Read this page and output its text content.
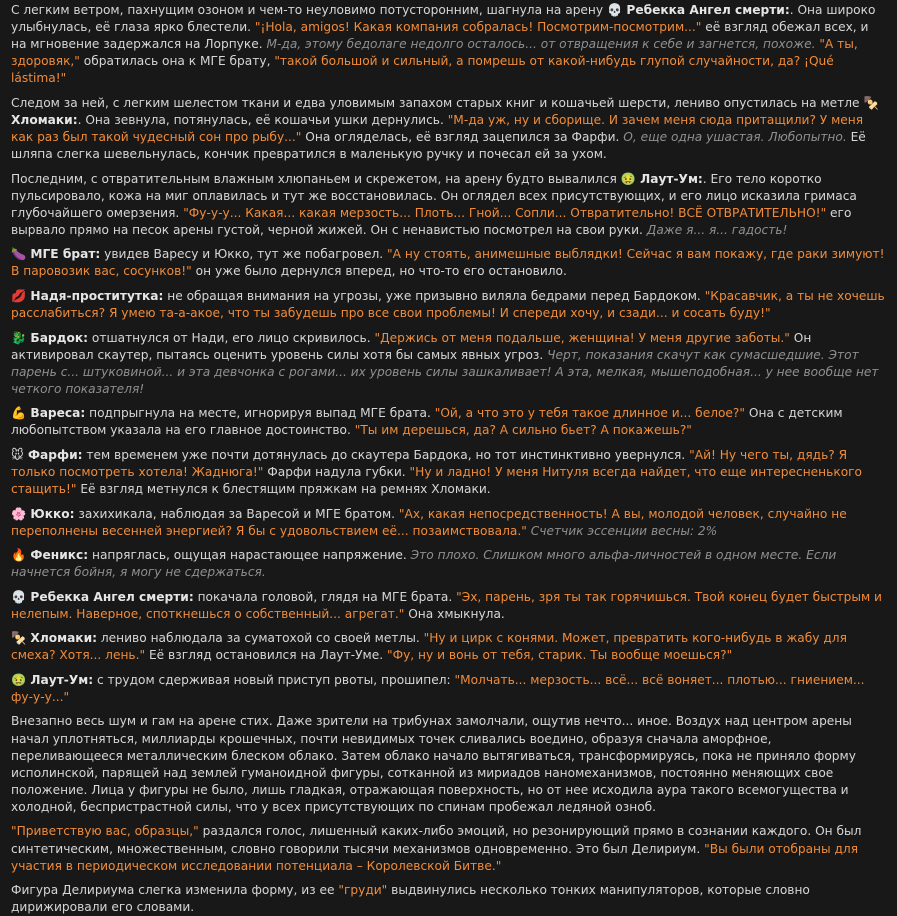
С легким ветром, пахнущим озоном и чем-то неуловимо потусторонним, шагнула на арену 💀 Ребекка Ангел смерти:. Она широко улыбнулась, её глаза ярко блестели. "¡Hola, amigos! Какая компания собралась! Посмотрим-посмотрим..." её взгляд обежал всех, и на мгновение задержался на Лорпуке. М-да, этому бедолаге недолго осталось... от отвращения к себе и загнется, похоже. "А ты, здоровяк," обратилась она к МГЕ брату, "такой большой и сильный, а помрешь от какой-нибудь глупой случайности, да? ¡Qué lástima!"
Следом за ней, с легким шелестом ткани и едва уловимым запахом старых книг и кошачьей шерсти, лениво опустилась на метле 🍢 Хломаки:. Она зевнула, потянулась, её кошачьи ушки дернулись. "М-да уж, ну и сборище. И зачем меня сюда притащили? У меня как раз был такой чудесный сон про рыбу..." Она огляделась, её взгляд зацепился за Фарфи. О, еще одна ушастая. Любопытно. Её шляпа слегка шевельнулась, кончик превратился в маленькую ручку и почесал ей за ухом.
Последним, с отвратительным влажным хлюпаньем и скрежетом, на арену будто вывалился 🤢 Лаут-Ум:. Его тело коротко пульсировало, кожа на миг оплавилась и тут же восстановилась. Он оглядел всех присутствующих, и его лицо исказила гримаса глубочайшего омерзения. "Фу-у-у... Какая... какая мерзость... Плоть... Гной... Сопли... Отвратительно! ВСЁ ОТВРАТИТЕЛЬНО!" его вырвало прямо на песок арены густой, черной жижей. Он с ненавистью посмотрел на свои руки. Даже я... я... гадость!
🍆 МГЕ брат: увидев Варесу и Юкко, тут же побагровел. "А ну стоять, анимешные выблядки! Сейчас я вам покажу, где раки зимуют! В паровозик вас, сосунков!" он уже было дернулся вперед, но что-то его остановило.
💋 Надя-проститутка: не обращая внимания на угрозы, уже призывно виляла бедрами перед Бардоком. "Красавчик, а ты не хочешь расслабиться? Я умею та-а-акое, что ты забудешь про все свои проблемы! И спереди хочу, и сзади... и сосать буду!"
🐉 Бардок: отшатнулся от Нади, его лицо скривилось. "Держись от меня подальше, женщина! У меня другие заботы." Он активировал скаутер, пытаясь оценить уровень силы хотя бы самых явных угроз. Черт, показания скачут как сумасшедшие. Этот парень с... штуковиной... и эта девчонка с рогами... их уровень силы зашкаливает! А эта, мелкая, мышеподобная... у нее вообще нет четкого показателя!
💪 Вареса: подпрыгнула на месте, игнорируя выпад МГЕ брата. "Ой, а что это у тебя такое длинное и... белое?" Она с детским любопытством указала на его главное достоинство. "Ты им дерешься, да? А сильно бьет? А покажешь?"
🐭 Фарфи: тем временем уже почти дотянулась до скаутера Бардока, но тот инстинктивно увернулся. "Ай! Ну чего ты, дядь? Я только посмотреть хотела! Жаднюга!" Фарфи надула губки. "Ну и ладно! У меня Нитуля всегда найдет, что еще интересненького стащить!" Её взгляд метнулся к блестящим пряжкам на ремнях Хломаки.
🌸 Юкко: захихикала, наблюдая за Варесой и МГЕ братом. "Ах, какая непосредственность! А вы, молодой человек, случайно не переполнены весенней энергией? Я бы с удовольствием её... позаимствовала." Счетчик эссенции весны: 2%
🔥 Феникс: напряглась, ощущая нарастающее напряжение. Это плохо. Слишком много альфа-личностей в одном месте. Если начнется бойня, я могу не сдержаться.
💀 Ребекка Ангел смерти: покачала головой, глядя на МГЕ брата. "Эх, парень, зря ты так горячишься. Твой конец будет быстрым и нелепым. Наверное, споткнешься о собственный... агрегат." Она хмыкнула.
🍢 Хломаки: лениво наблюдала за суматохой со своей метлы. "Ну и цирк с конями. Может, превратить кого-нибудь в жабу для смеха? Хотя... лень." Её взгляд остановился на Лаут-Уме. "Фу, ну и вонь от тебя, старик. Ты вообще моешься?"
🤢 Лаут-Ум: с трудом сдерживая новый приступ рвоты, прошипел: "Молчать... мерзость... всё... всё воняет... плотью... гниением... фу-у-у..."
Внезапно весь шум и гам на арене стих. Даже зрители на трибунах замолчали, ощутив нечто... иное. Воздух над центром арены начал уплотняться, миллиарды крошечных, почти невидимых точек сливались воедино, образуя сначала аморфное, переливающееся металлическим блеском облако. Затем облако начало вытягиваться, трансформируясь, пока не приняло форму исполинской, парящей над землей гуманоидной фигуры, сотканной из мириадов наномеханизмов, постоянно меняющих свое положение. Лица у фигуры не было, лишь гладкая, отражающая поверхность, но от нее исходила аура такого всемогущества и холодной, беспристрастной силы, что у всех присутствующих по спинам пробежал ледяной озноб.
"Приветствую вас, образцы," раздался голос, лишенный каких-либо эмоций, но резонирующий прямо в сознании каждого. Он был синтетическим, множественным, словно говорили тысячи механизмов одновременно. Это был Делириум. "Вы были отобраны для участия в периодическом исследовании потенциала – Королевской Битве."
Фигура Делириума слегка изменила форму, из ее "груди" выдвинулись несколько тонких манипуляторов, которые словно дирижировали его словами.
